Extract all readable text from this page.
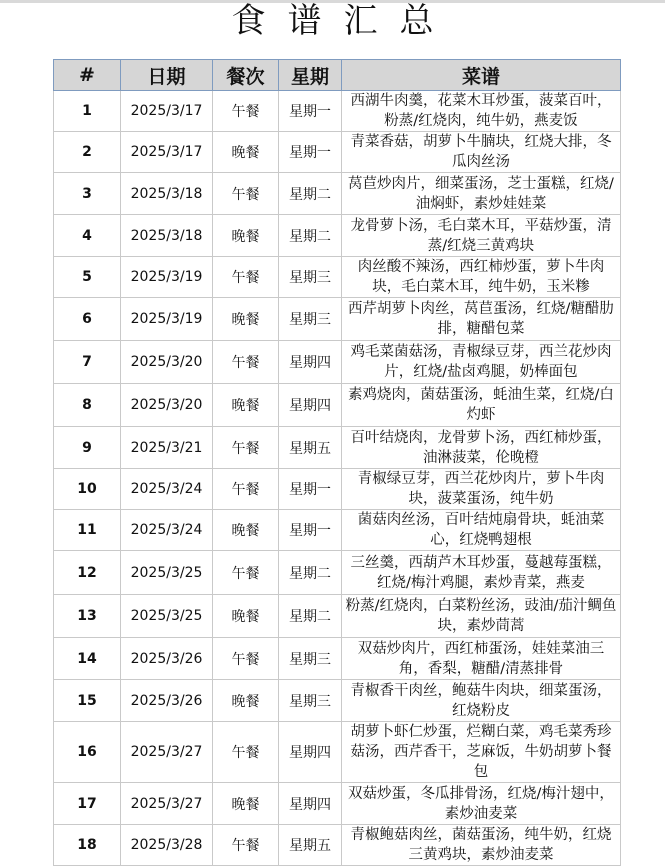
食谱汇总
#	日期	餐次	星期	菜谱
1	2025/3/17	午餐	星期一	西湖牛肉羹，花菜木耳炒蛋，菠菜百叶，粉蒸/红烧肉，纯牛奶，燕麦饭
2	2025/3/17	晚餐	星期一	青菜香菇，胡萝卜牛腩块，红烧大排，冬瓜肉丝汤
3	2025/3/18	午餐	星期二	莴苣炒肉片，细菜蛋汤，芝士蛋糕，红烧/油焖虾，素炒娃娃菜
4	2025/3/18	晚餐	星期二	龙骨萝卜汤，毛白菜木耳，平菇炒蛋，清蒸/红烧三黄鸡块
5	2025/3/19	午餐	星期三	肉丝酸不辣汤，西红柿炒蛋，萝卜牛肉块，毛白菜木耳，纯牛奶，玉米糁
6	2025/3/19	晚餐	星期三	西芹胡萝卜肉丝，莴苣蛋汤，红烧/糖醋肋排，糖醋包菜
7	2025/3/20	午餐	星期四	鸡毛菜菌菇汤，青椒绿豆芽，西兰花炒肉片，红烧/盐卤鸡腿，奶棒面包
8	2025/3/20	晚餐	星期四	素鸡烧肉，菌菇蛋汤，蚝油生菜，红烧/白灼虾
9	2025/3/21	午餐	星期五	百叶结烧肉，龙骨萝卜汤，西红柿炒蛋，油淋菠菜，伦晚橙
10	2025/3/24	午餐	星期一	青椒绿豆芽，西兰花炒肉片，萝卜牛肉块，菠菜蛋汤，纯牛奶
11	2025/3/24	晚餐	星期一	菌菇肉丝汤，百叶结炖扇骨块，蚝油菜心，红烧鸭翅根
12	2025/3/25	午餐	星期二	三丝羹，西葫芦木耳炒蛋，蔓越莓蛋糕，红烧/梅汁鸡腿，素炒青菜，燕麦
13	2025/3/25	晚餐	星期二	粉蒸/红烧肉，白菜粉丝汤，豉油/茄汁鲷鱼块，素炒茼蒿
14	2025/3/26	午餐	星期三	双菇炒肉片，西红柿蛋汤，娃娃菜油三角，香梨，糖醋/清蒸排骨
15	2025/3/26	晚餐	星期三	青椒香干肉丝，鲍菇牛肉块，细菜蛋汤，红烧粉皮
16	2025/3/27	午餐	星期四	胡萝卜虾仁炒蛋，烂糊白菜，鸡毛菜秀珍菇汤，西芹香干，芝麻饭，牛奶胡萝卜餐包
17	2025/3/27	晚餐	星期四	双菇炒蛋，冬瓜排骨汤，红烧/梅汁翅中，素炒油麦菜
18	2025/3/28	午餐	星期五	青椒鲍菇肉丝，菌菇蛋汤，纯牛奶，红烧三黄鸡块，素炒油麦菜
